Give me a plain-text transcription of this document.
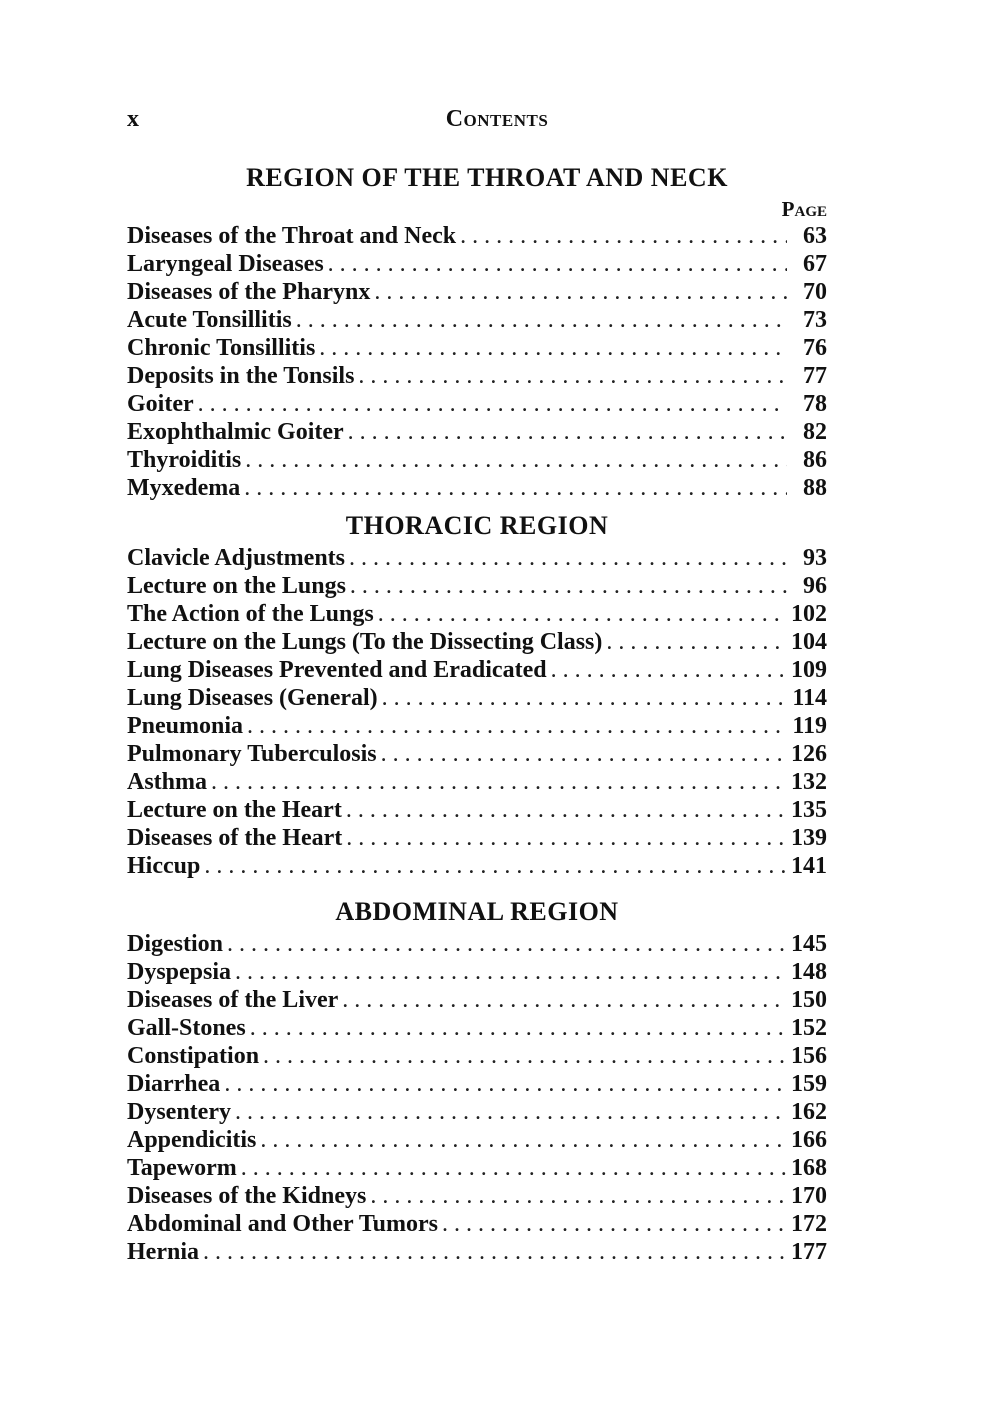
x	Contents
REGION OF THE THROAT AND NECK
Page
Diseases of the Throat and Neck . . .	63
Laryngeal Diseases . . .	67
Diseases of the Pharynx . . .	70
Acute Tonsillitis . . .	73
Chronic Tonsillitis . . .	76
Deposits in the Tonsils . . .	77
Goiter . . .	78
Exophthalmic Goiter . . .	82
Thyroiditis . . .	86
Myxedema . . .	88
THORACIC REGION
Clavicle Adjustments . . .	93
Lecture on the Lungs . . .	96
The Action of the Lungs . . .	102
Lecture on the Lungs (To the Dissecting Class) . . .	104
Lung Diseases Prevented and Eradicated . . .	109
Lung Diseases (General) . . .	114
Pneumonia . . .	119
Pulmonary Tuberculosis . . .	126
Asthma . . .	132
Lecture on the Heart . . .	135
Diseases of the Heart . . .	139
Hiccup . . .	141
ABDOMINAL REGION
Digestion . . .	145
Dyspepsia . . .	148
Diseases of the Liver . . .	150
Gall-Stones . . .	152
Constipation . . .	156
Diarrhea . . .	159
Dysentery . . .	162
Appendicitis . . .	166
Tapeworm . . .	168
Diseases of the Kidneys . . .	170
Abdominal and Other Tumors . . .	172
Hernia . . .	177
